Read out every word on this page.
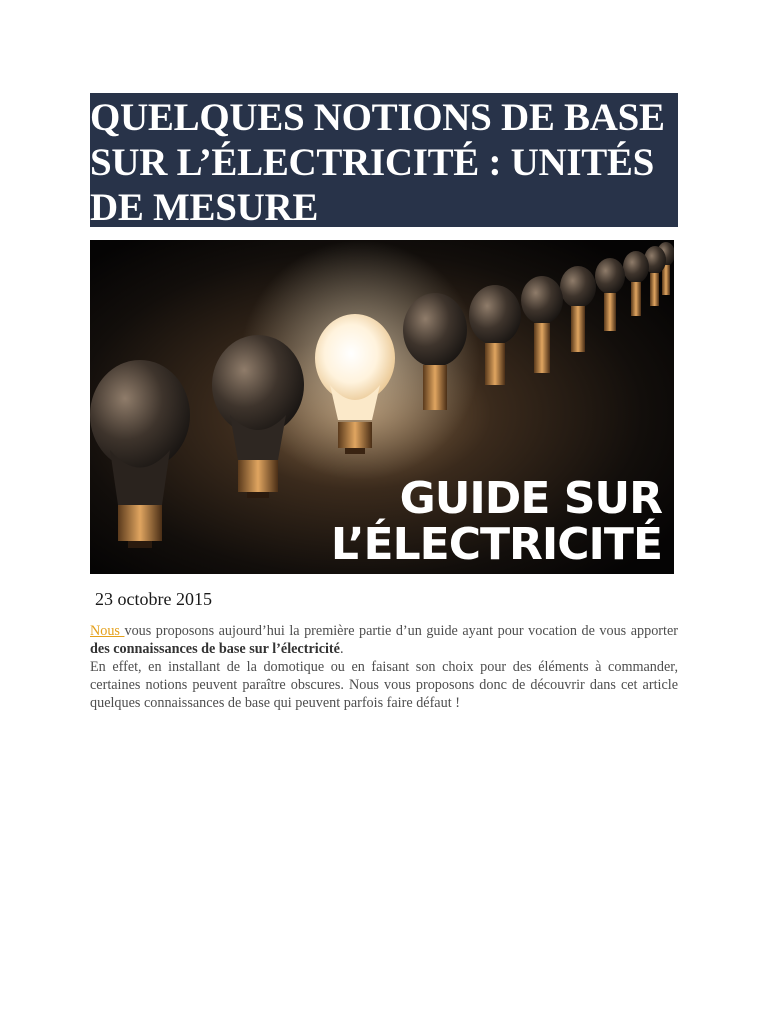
QUELQUES NOTIONS DE BASE SUR L’ÉLECTRICITÉ : UNITÉS DE MESURE
GUIDE SUR
L’ÉLECTRICITÉ
23 octobre 2015

Nous vous proposons aujourd’hui la première partie d’un guide ayant pour vocation de vous apporter des connaissances de base sur l’électricité.

En effet, en installant de la domotique ou en faisant son choix pour des éléments à commander, certaines notions peuvent paraître obscures. Nous vous proposons donc de découvrir dans cet article quelques connaissances de base qui peuvent parfois faire défaut !
